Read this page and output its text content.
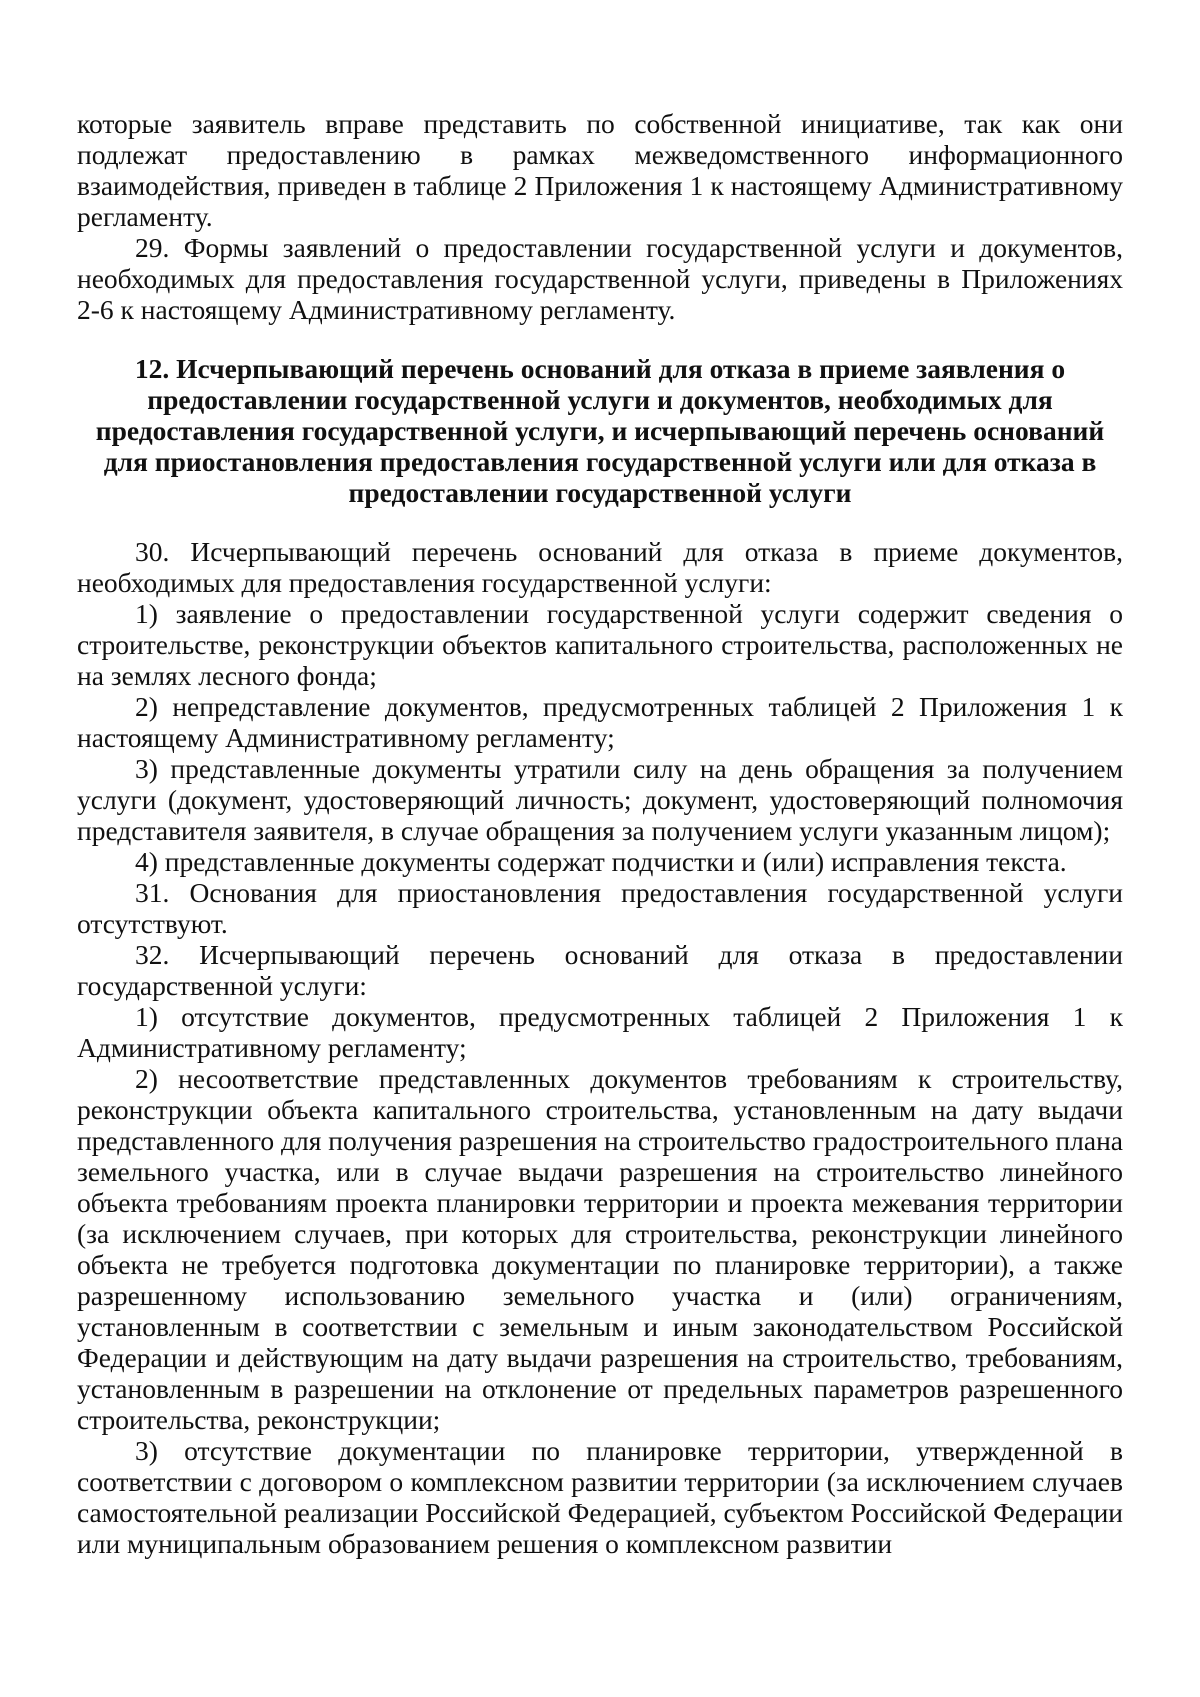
которые заявитель вправе представить по собственной инициативе, так как они подлежат предоставлению в рамках межведомственного информационного взаимодействия, приведен в таблице 2 Приложения 1 к настоящему Административному регламенту.

29. Формы заявлений о предоставлении государственной услуги и документов, необходимых для предоставления государственной услуги, приведены в Приложениях 2-6 к настоящему Административному регламенту.

12. Исчерпывающий перечень оснований для отказа в приеме заявления о предоставлении государственной услуги и документов, необходимых для предоставления государственной услуги, и исчерпывающий перечень оснований для приостановления предоставления государственной услуги или для отказа в предоставлении государственной услуги

30. Исчерпывающий перечень оснований для отказа в приеме документов, необходимых для предоставления государственной услуги:

1) заявление о предоставлении государственной услуги содержит сведения о строительстве, реконструкции объектов капитального строительства, расположенных не на землях лесного фонда;

2) непредставление документов, предусмотренных таблицей 2 Приложения 1 к настоящему Административному регламенту;

3) представленные документы утратили силу на день обращения за получением услуги (документ, удостоверяющий личность; документ, удостоверяющий полномочия представителя заявителя, в случае обращения за получением услуги указанным лицом);

4) представленные документы содержат подчистки и (или) исправления текста.

31. Основания для приостановления предоставления государственной услуги отсутствуют.

32. Исчерпывающий перечень оснований для отказа в предоставлении государственной услуги:

1) отсутствие документов, предусмотренных таблицей 2 Приложения 1 к Административному регламенту;

2) несоответствие представленных документов требованиям к строительству, реконструкции объекта капитального строительства, установленным на дату выдачи представленного для получения разрешения на строительство градостроительного плана земельного участка, или в случае выдачи разрешения на строительство линейного объекта требованиям проекта планировки территории и проекта межевания территории (за исключением случаев, при которых для строительства, реконструкции линейного объекта не требуется подготовка документации по планировке территории), а также разрешенному использованию земельного участка и (или) ограничениям, установленным в соответствии с земельным и иным законодательством Российской Федерации и действующим на дату выдачи разрешения на строительство, требованиям, установленным в разрешении на отклонение от предельных параметров разрешенного строительства, реконструкции;

3) отсутствие документации по планировке территории, утвержденной в соответствии с договором о комплексном развитии территории (за исключением случаев самостоятельной реализации Российской Федерацией, субъектом Российской Федерации или муниципальным образованием решения о комплексном развитии
